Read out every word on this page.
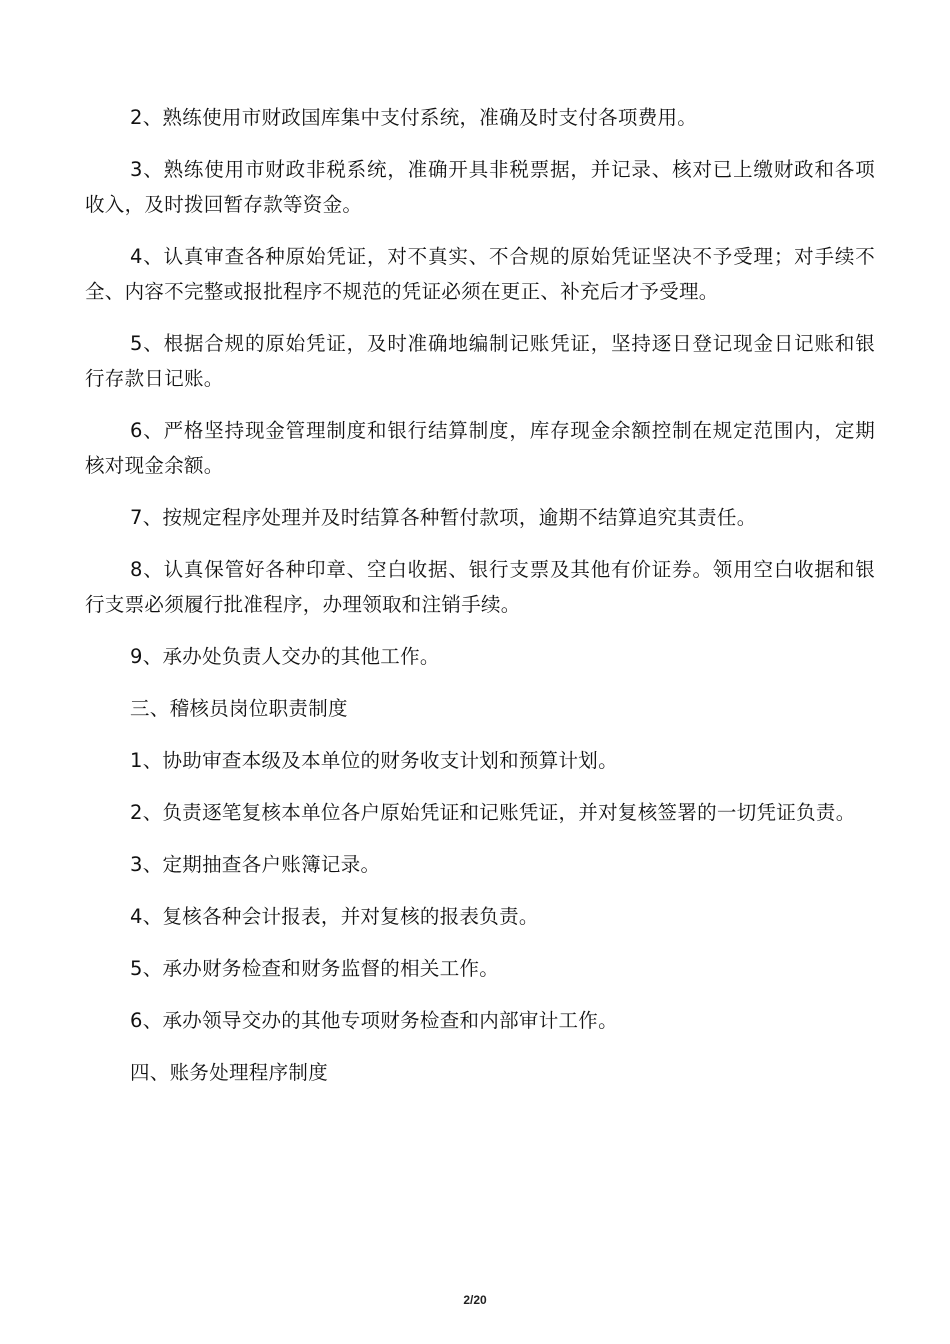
2、熟练使用市财政国库集中支付系统，准确及时支付各项费用。

3、熟练使用市财政非税系统，准确开具非税票据，并记录、核对已上缴财政和各项收入，及时拨回暂存款等资金。

4、认真审查各种原始凭证，对不真实、不合规的原始凭证坚决不予受理；对手续不全、内容不完整或报批程序不规范的凭证必须在更正、补充后才予受理。

5、根据合规的原始凭证，及时准确地编制记账凭证，坚持逐日登记现金日记账和银行存款日记账。

6、严格坚持现金管理制度和银行结算制度，库存现金余额控制在规定范围内，定期核对现金余额。

7、按规定程序处理并及时结算各种暂付款项，逾期不结算追究其责任。

8、认真保管好各种印章、空白收据、银行支票及其他有价证券。领用空白收据和银行支票必须履行批准程序，办理领取和注销手续。

9、承办处负责人交办的其他工作。

三、稽核员岗位职责制度

1、协助审查本级及本单位的财务收支计划和预算计划。

2、负责逐笔复核本单位各户原始凭证和记账凭证，并对复核签署的一切凭证负责。

3、定期抽查各户账簿记录。

4、复核各种会计报表，并对复核的报表负责。

5、承办财务检查和财务监督的相关工作。

6、承办领导交办的其他专项财务检查和内部审计工作。

四、账务处理程序制度

2/20
